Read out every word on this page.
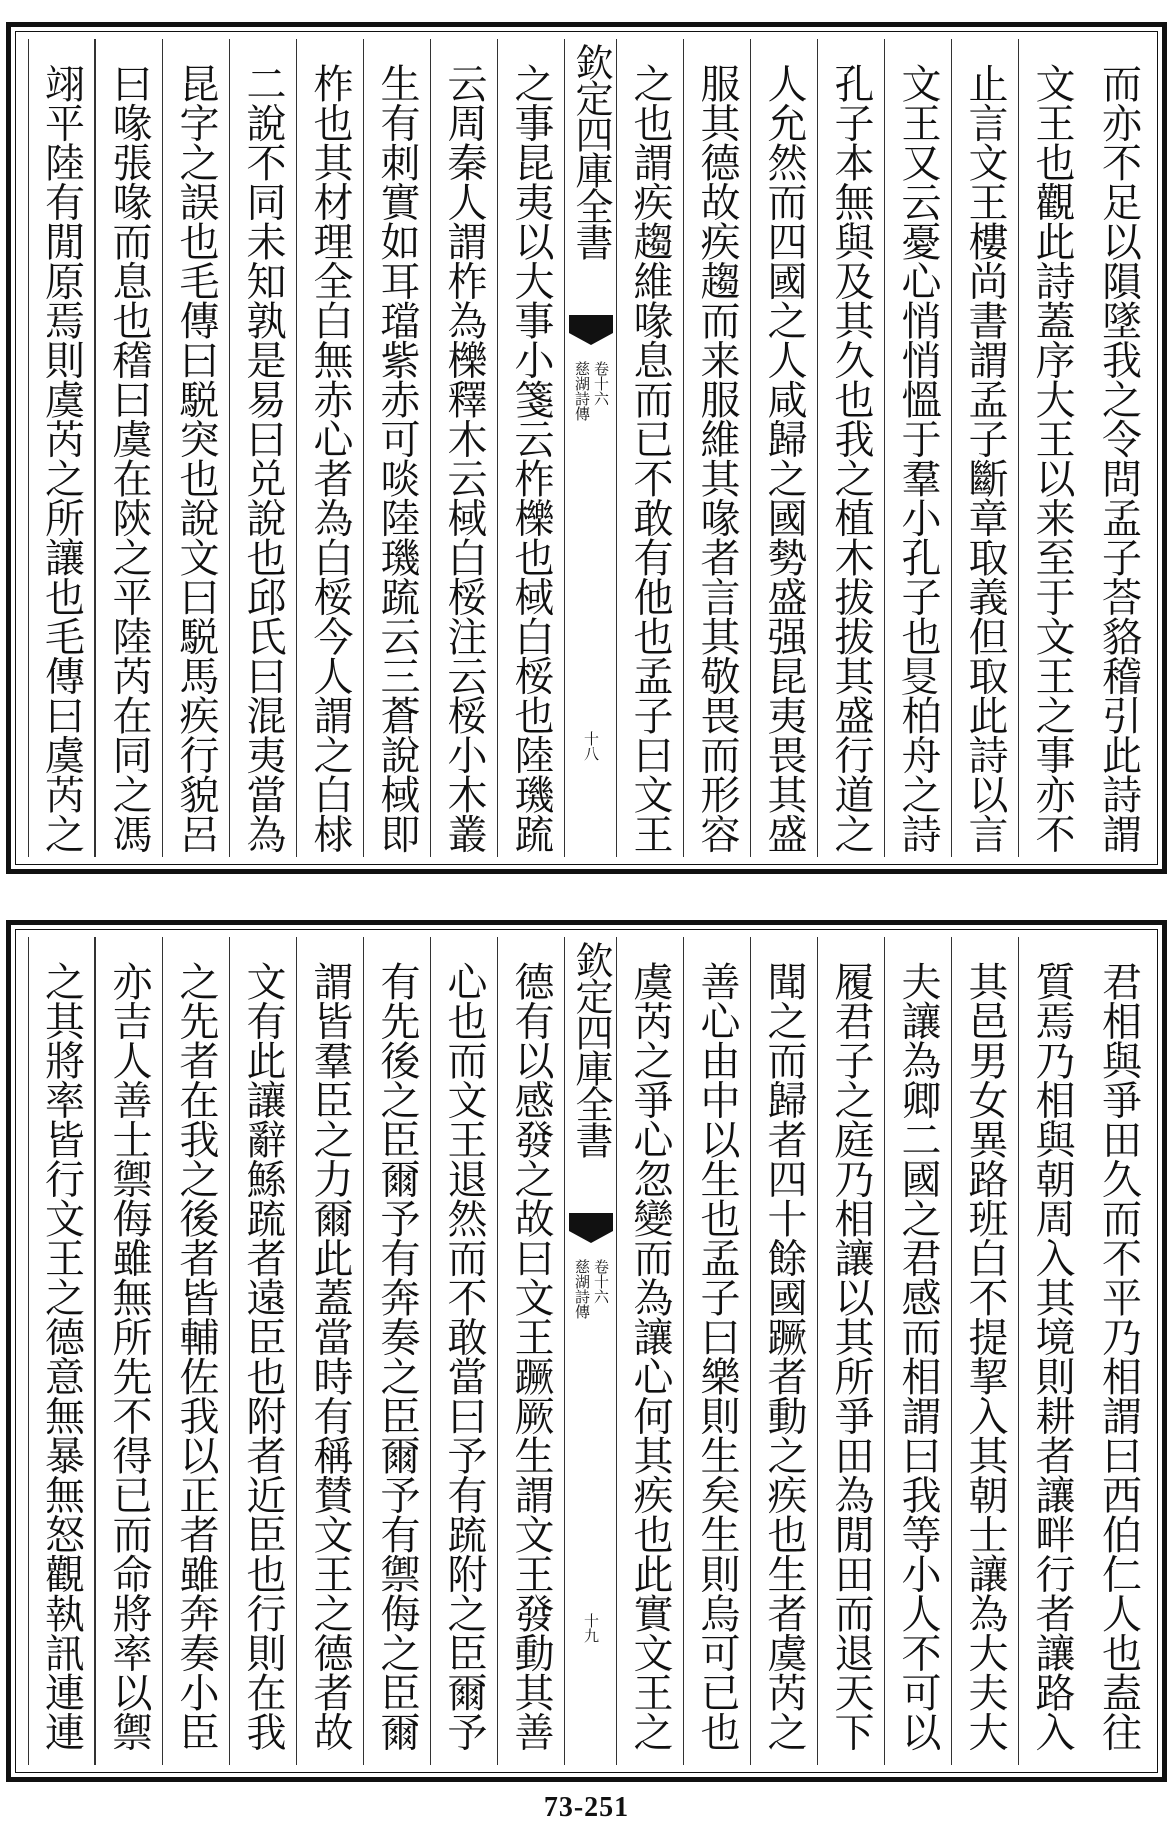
而亦不足以隕墜我之令問孟子荅貉稽引此詩謂
文王也觀此詩蓋序大王以来至于文王之事亦不
止言文王樓尚書謂孟子斷章取義但取此詩以言
文王又云憂心悄悄慍于羣小孔子也𠭁柏舟之詩
孔子本無與及其久也我之植木拔拔其盛行道之
人允然而四國之人咸歸之國勢盛强昆夷畏其盛
服其德故疾趨而来服維其喙者言其敬畏而形容
之也謂疾趨維喙息而已不敢有他也孟子曰文王
欽定四庫全書
慈湖詩傳 卷十六
十八
之事昆夷以大事小箋云柞櫟也棫白桵也陸璣䟽
云周秦人謂柞為櫟釋木云棫白桵注云桵小木叢
生有刺實如耳璫紫赤可啖陸璣䟽云三蒼說棫即
柞也其材理全白無赤心者為白桵今人謂之白梂
二說不同未知孰是易曰兑說也邱氏曰混夷當為
昆字之誤也毛傳曰駾突也說文曰駾馬疾行貌呂
曰喙張喙而息也𥡴曰虞在陝之平陸芮在同之馮
翊平陸有閒原焉則虞芮之所讓也毛傳曰虞芮之
君相與爭田久而不平乃相謂曰西伯仁人也盍往
質焉乃相與朝周入其境則耕者讓畔行者讓路入
其邑男女異路班白不提挈入其朝士讓為大夫大
夫讓為卿二國之君感而相謂曰我等小人不可以
履君子之庭乃相讓以其所爭田為閒田而退天下
聞之而歸者四十餘國蹶者動之疾也生者虞芮之
善心由中以生也孟子曰樂則生矣生則烏可已也
虞芮之爭心忽變而為讓心何其疾也此實文王之
欽定四庫全書
慈湖詩傳 卷十六
十九
德有以感發之故曰文王蹶厥生謂文王發動其善
心也而文王退然而不敢當曰予有䟽附之臣爾予
有先後之臣爾予有奔奏之臣爾予有禦侮之臣爾
謂皆羣臣之力爾此蓋當時有稱賛文王之德者故
文有此讓辭鯀䟽者遠臣也附者近臣也行則在我
之先者在我之後者皆輔佐我以正者雖奔奏小臣
亦吉人善士禦侮雖無所先不得已而命將率以禦
之其將率皆行文王之德意無暴無怒觀執訊連連
73-251
